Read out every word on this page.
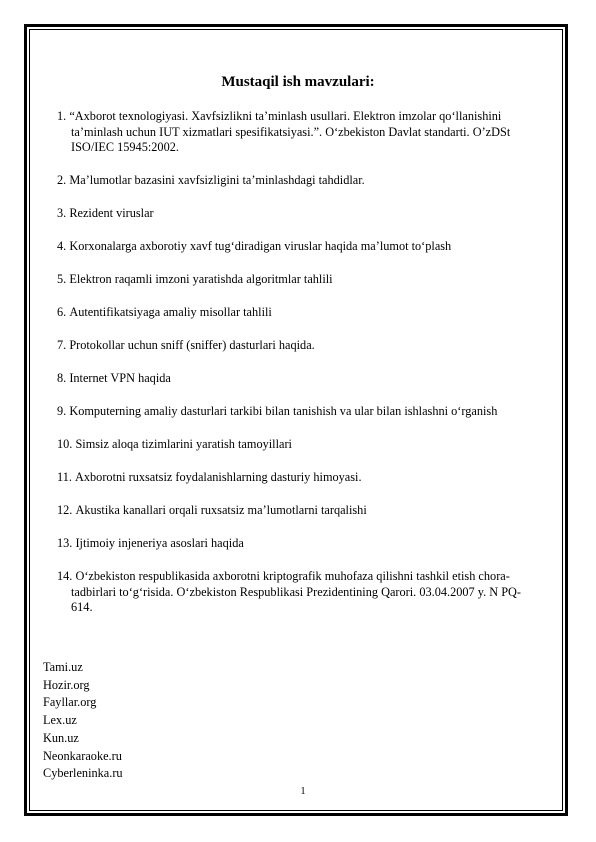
Mustaqil ish mavzulari:
1. “Axborot texnologiyasi. Xavfsizlikni ta’minlash usullari. Elektron imzolar qo‘llanishini ta’minlash uchun IUT xizmatlari spesifikatsiyasi.”. O‘zbekiston Davlat standarti. O’zDSt ISO/IEC 15945:2002.
2.
Ma’lumotlar bazasini xavfsizligini ta’minlashdagi tahdidlar.
3.
Rezident viruslar
4.
Korxonalarga axborotiy xavf tug‘diradigan viruslar haqida ma’lumot to‘plash
5.
Elektron raqamli imzoni yaratishda algoritmlar tahlili
6.
Autentifikatsiyaga amaliy misollar tahlili
7.
Protokollar uchun sniff (sniffer) dasturlari haqida.
8.
Internet VPN haqida
9. Komputerning amaliy dasturlari tarkibi bilan tanishish va ular bilan ishlashni o‘rganish
10.
Simsiz aloqa tizimlarini yaratish tamoyillari
11.
Axborotni ruxsatsiz foydalanishlarning dasturiy himoyasi.
12.
Akustika kanallari orqali ruxsatsiz ma’lumotlarni tarqalishi
13.
Ijtimoiy injeneriya asoslari haqida
14. O‘zbekiston respublikasida axborotni kriptografik muhofaza qilishni tashkil etish chora-tadbirlari to‘g‘risida. O‘zbekiston Respublikasi Prezidentining Qarori. 03.04.2007 y. N PQ-614.
Tami.uz
Hozir.org
Fayllar.org
Lex.uz
Kun.uz
Neonkaraoke.ru
Cyberleninka.ru
1
